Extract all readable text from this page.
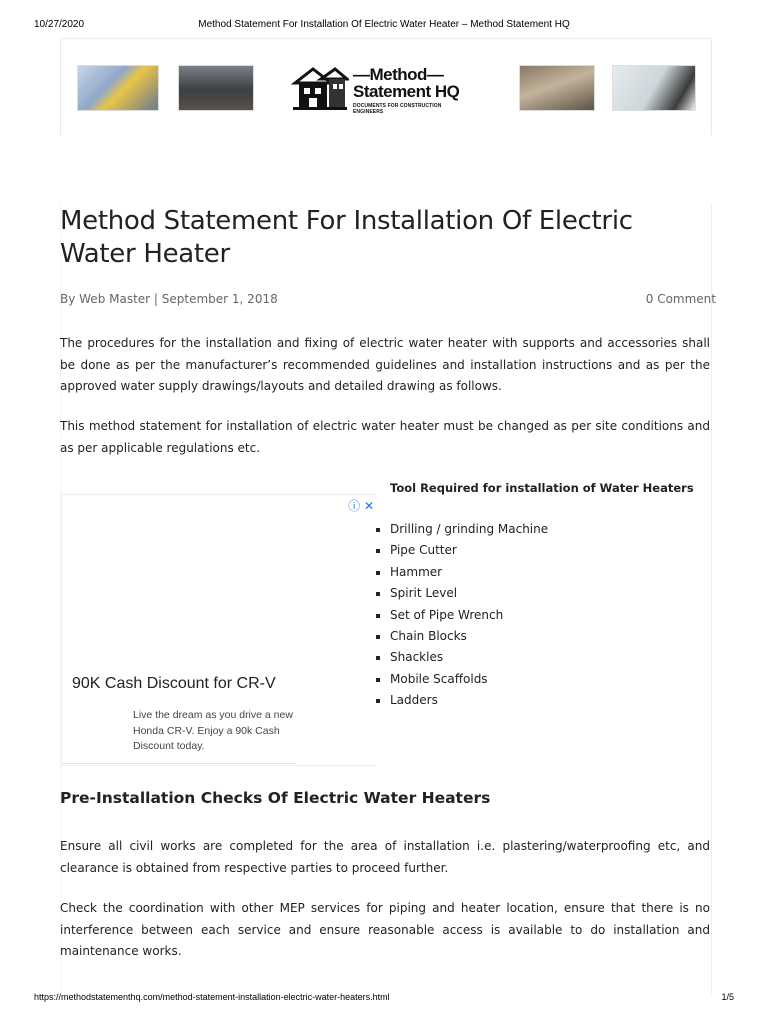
10/27/2020	Method Statement For Installation Of Electric Water Heater – Method Statement HQ
—Method—
Statement HQ
DOCUMENTS FOR CONSTRUCTION ENGINEERS
Method Statement For Installation Of Electric Water Heater
By Web Master | September 1, 2018	0 Comment

The procedures for the installation and fixing of electric water heater with supports and accessories shall be done as per the manufacturer’s recommended guidelines and installation instructions and as per the approved water supply drawings/layouts and detailed drawing as follows.

This method statement for installation of electric water heater must be changed as per site conditions and as per applicable regulations etc.

ⓘ ✕
90K Cash Discount for CR-V
Live the dream as you drive a new Honda CR-V. Enjoy a 90k Cash Discount today.
Tool Required for installation of Water Heaters
Drilling / grinding Machine
Pipe Cutter
Hammer
Spirit Level
Set of Pipe Wrench
Chain Blocks
Shackles
Mobile Scaffolds
Ladders
Pre-Installation Checks Of Electric Water Heaters

Ensure all civil works are completed for the area of installation i.e. plastering/waterproofing etc, and clearance is obtained from respective parties to proceed further.

Check the coordination with other MEP services for piping and heater location, ensure that there is no interference between each service and ensure reasonable access is available to do installation and maintenance works.

https://methodstatementhq.com/method-statement-installation-electric-water-heaters.html	1/5
